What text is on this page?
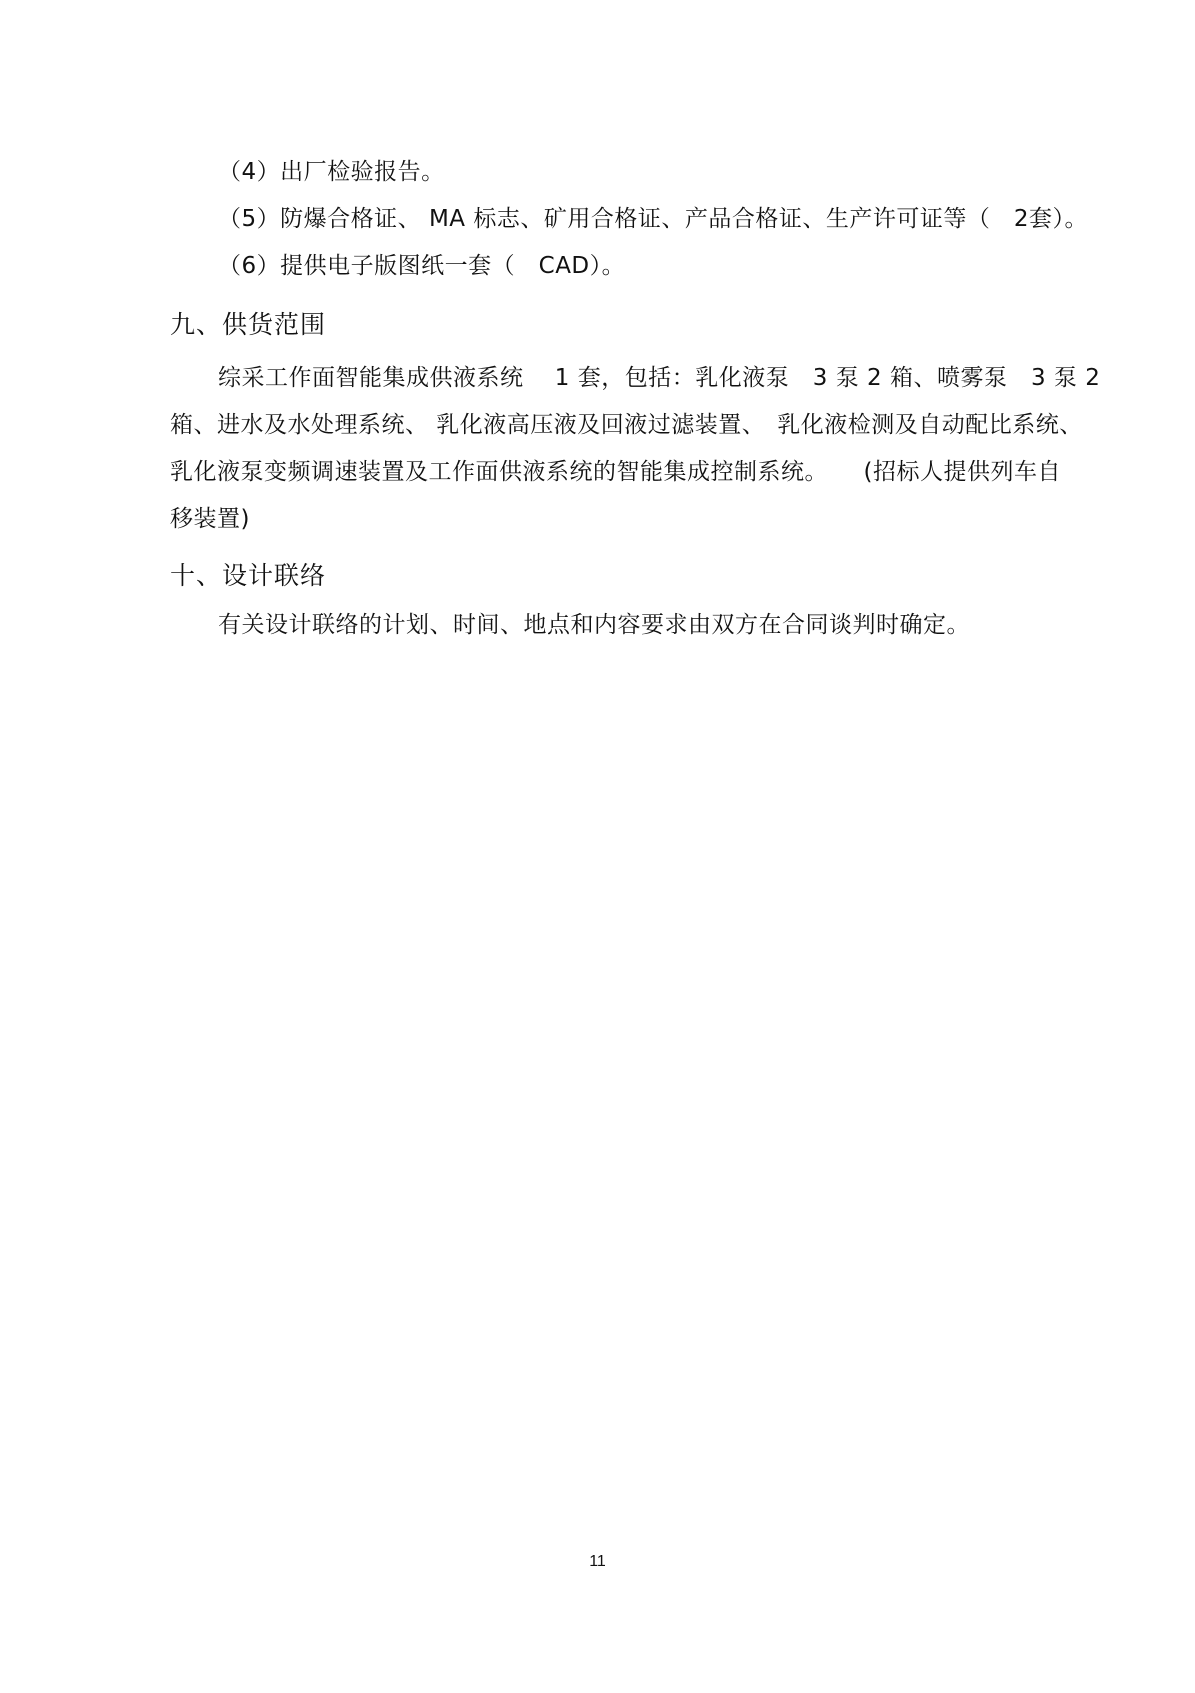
（4）出厂检验报告。
（5）防爆合格证、 MA 标志、矿用合格证、产品合格证、生产许可证等（　2套）。
（6）提供电子版图纸一套（　CAD）。
九、供货范围
综采工作面智能集成供液系统　 1 套，包括：乳化液泵　3 泵 2 箱、喷雾泵　3 泵 2
箱、进水及水处理系统、 乳化液高压液及回液过滤装置、　乳化液检测及自动配比系统、
乳化液泵变频调速装置及工作面供液系统的智能集成控制系统。　　(招标人提供列车自
移装置)
十、设计联络
有关设计联络的计划、时间、地点和内容要求由双方在合同谈判时确定。
11
